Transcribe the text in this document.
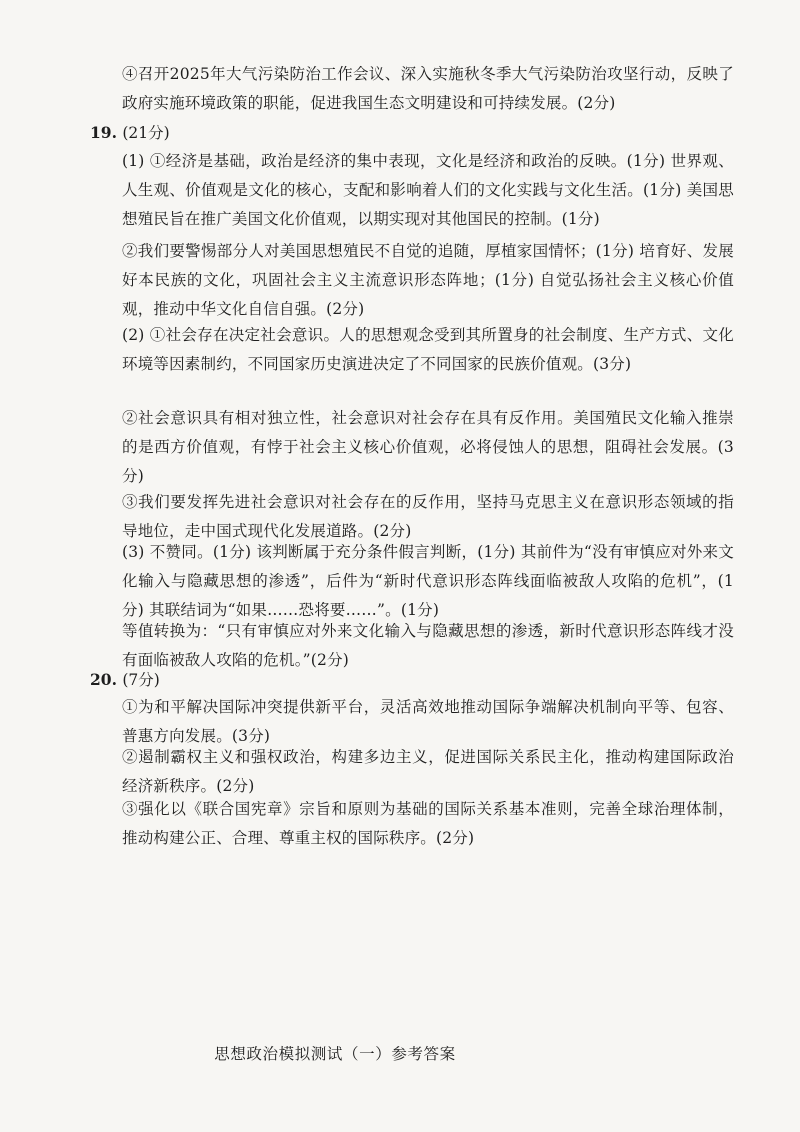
④召开2025年大气污染防治工作会议、深入实施秋冬季大气污染防治攻坚行动，反映了政府实施环境政策的职能，促进我国生态文明建设和可持续发展。(2分)

19. (21分)

(1) ①经济是基础，政治是经济的集中表现，文化是经济和政治的反映。(1分) 世界观、人生观、价值观是文化的核心，支配和影响着人们的文化实践与文化生活。(1分) 美国思想殖民旨在推广美国文化价值观，以期实现对其他国民的控制。(1分)

②我们要警惕部分人对美国思想殖民不自觉的追随，厚植家国情怀；(1分) 培育好、发展好本民族的文化，巩固社会主义主流意识形态阵地；(1分) 自觉弘扬社会主义核心价值观，推动中华文化自信自强。(2分)

(2) ①社会存在决定社会意识。人的思想观念受到其所置身的社会制度、生产方式、文化环境等因素制约，不同国家历史演进决定了不同国家的民族价值观。(3分)

②社会意识具有相对独立性，社会意识对社会存在具有反作用。美国殖民文化输入推崇的是西方价值观，有悖于社会主义核心价值观，必将侵蚀人的思想，阻碍社会发展。(3分)

③我们要发挥先进社会意识对社会存在的反作用，坚持马克思主义在意识形态领域的指导地位，走中国式现代化发展道路。(2分)

(3) 不赞同。(1分) 该判断属于充分条件假言判断，(1分) 其前件为“没有审慎应对外来文化输入与隐藏思想的渗透”，后件为“新时代意识形态阵线面临被敌人攻陷的危机”，(1分) 其联结词为“如果……恐将要……”。(1分)

等值转换为：“只有审慎应对外来文化输入与隐藏思想的渗透，新时代意识形态阵线才没有面临被敌人攻陷的危机。”(2分)

20. (7分)

①为和平解决国际冲突提供新平台，灵活高效地推动国际争端解决机制向平等、包容、普惠方向发展。(3分)

②遏制霸权主义和强权政治，构建多边主义，促进国际关系民主化，推动构建国际政治经济新秩序。(2分)

③强化以《联合国宪章》宗旨和原则为基础的国际关系基本准则，完善全球治理体制，推动构建公正、合理、尊重主权的国际秩序。(2分)

思想政治模拟测试（一）参考答案
